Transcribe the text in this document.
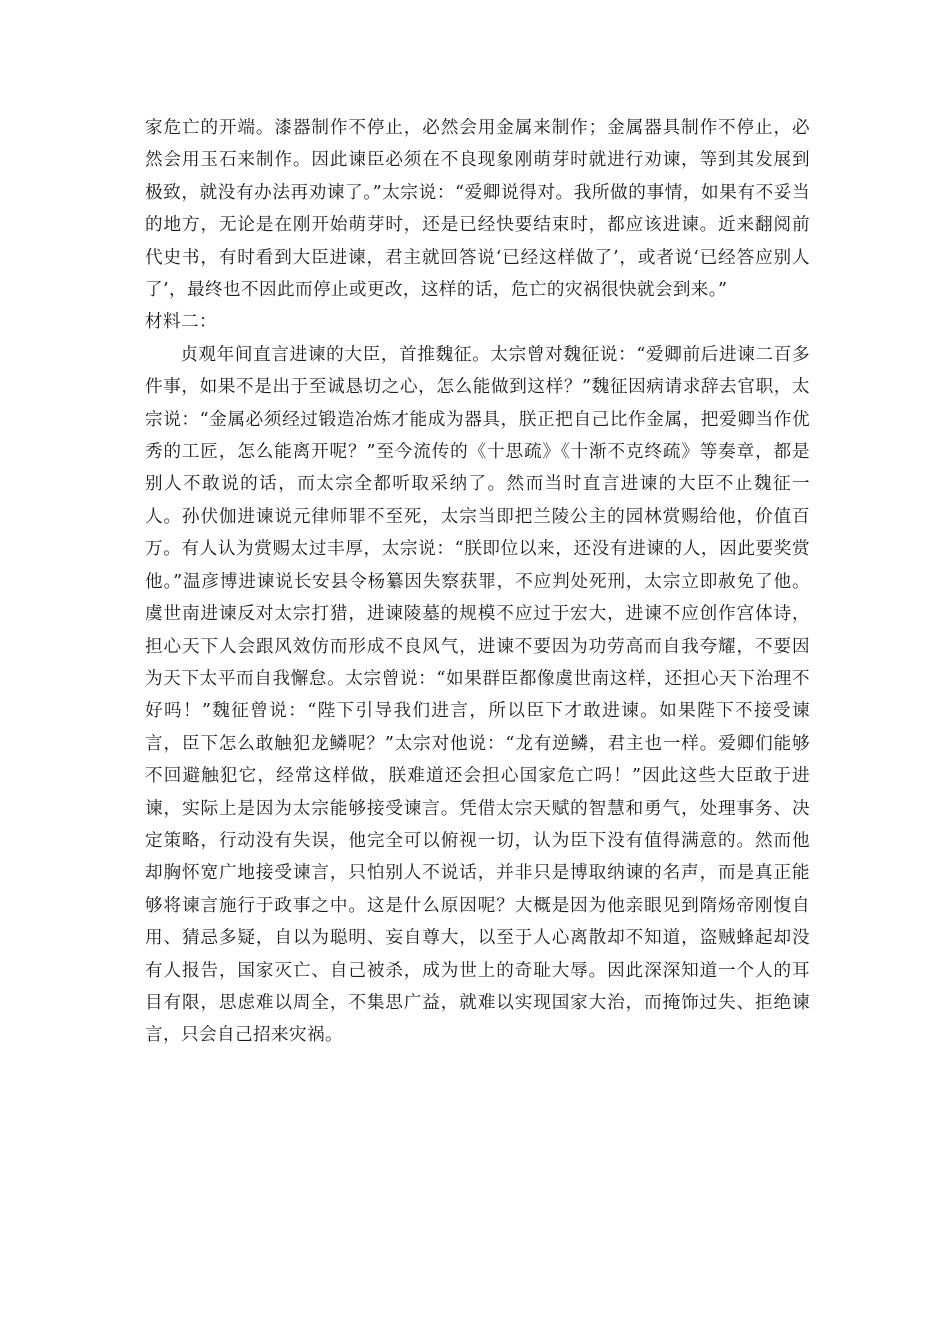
家危亡的开端。漆器制作不停止，必然会用金属来制作；金属器具制作不停止，必然会用玉石来制作。因此谏臣必须在不良现象刚萌芽时就进行劝谏，等到其发展到极致，就没有办法再劝谏了。”太宗说：“爱卿说得对。我所做的事情，如果有不妥当的地方，无论是在刚开始萌芽时，还是已经快要结束时，都应该进谏。近来翻阅前代史书，有时看到大臣进谏，君主就回答说‘已经这样做了’，或者说‘已经答应别人了’，最终也不因此而停止或更改，这样的话，危亡的灾祸很快就会到来。”

材料二：

贞观年间直言进谏的大臣，首推魏征。太宗曾对魏征说：“爱卿前后进谏二百多件事，如果不是出于至诚恳切之心，怎么能做到这样？”魏征因病请求辞去官职，太宗说：“金属必须经过锻造冶炼才能成为器具，朕正把自己比作金属，把爱卿当作优秀的工匠，怎么能离开呢？”至今流传的《十思疏》《十渐不克终疏》等奏章，都是别人不敢说的话，而太宗全都听取采纳了。然而当时直言进谏的大臣不止魏征一人。孙伏伽进谏说元律师罪不至死，太宗当即把兰陵公主的园林赏赐给他，价值百万。有人认为赏赐太过丰厚，太宗说：“朕即位以来，还没有进谏的人，因此要奖赏他。”温彦博进谏说长安县令杨纂因失察获罪，不应判处死刑，太宗立即赦免了他。虞世南进谏反对太宗打猎，进谏陵墓的规模不应过于宏大，进谏不应创作宫体诗，担心天下人会跟风效仿而形成不良风气，进谏不要因为功劳高而自我夸耀，不要因为天下太平而自我懈怠。太宗曾说：“如果群臣都像虞世南这样，还担心天下治理不好吗！”魏征曾说：“陛下引导我们进言，所以臣下才敢进谏。如果陛下不接受谏言，臣下怎么敢触犯龙鳞呢？”太宗对他说：“龙有逆鳞，君主也一样。爱卿们能够不回避触犯它，经常这样做，朕难道还会担心国家危亡吗！”因此这些大臣敢于进谏，实际上是因为太宗能够接受谏言。凭借太宗天赋的智慧和勇气，处理事务、决定策略，行动没有失误，他完全可以俯视一切，认为臣下没有值得满意的。然而他却胸怀宽广地接受谏言，只怕别人不说话，并非只是博取纳谏的名声，而是真正能够将谏言施行于政事之中。这是什么原因呢？大概是因为他亲眼见到隋炀帝刚愎自用、猜忌多疑，自以为聪明、妄自尊大，以至于人心离散却不知道，盗贼蜂起却没有人报告，国家灭亡、自己被杀，成为世上的奇耻大辱。因此深深知道一个人的耳目有限，思虑难以周全，不集思广益，就难以实现国家大治，而掩饰过失、拒绝谏言，只会自己招来灾祸。
